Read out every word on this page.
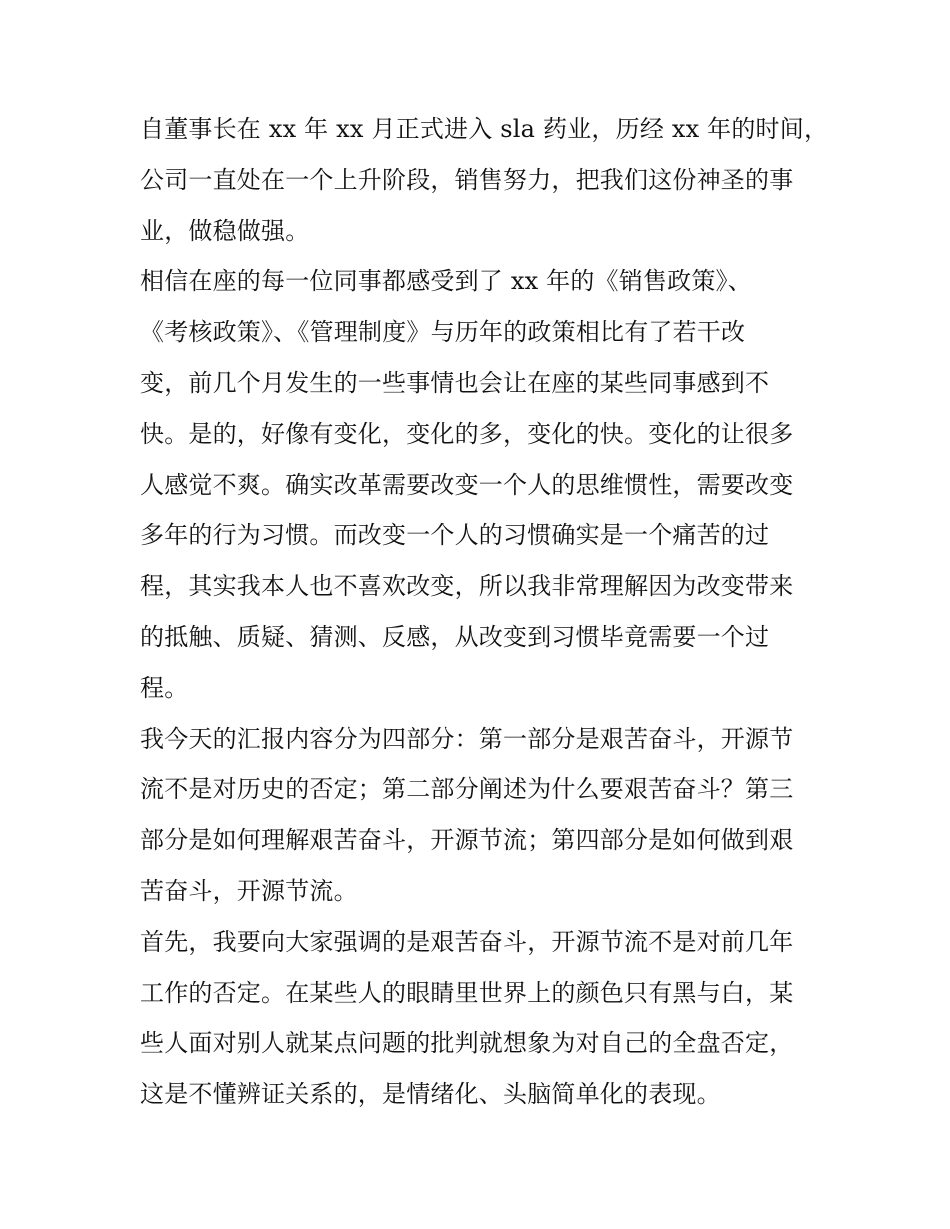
自董事长在 xx 年 xx 月正式进入 sla 药业，历经 xx 年的时间，
公司一直处在一个上升阶段，销售努力，把我们这份神圣的事
业，做稳做强。
相信在座的每一位同事都感受到了 xx 年的《销售政策》、
《考核政策》、《管理制度》与历年的政策相比有了若干改
变，前几个月发生的一些事情也会让在座的某些同事感到不
快。是的，好像有变化，变化的多，变化的快。变化的让很多
人感觉不爽。确实改革需要改变一个人的思维惯性，需要改变
多年的行为习惯。而改变一个人的习惯确实是一个痛苦的过
程，其实我本人也不喜欢改变，所以我非常理解因为改变带来
的抵触、质疑、猜测、反感，从改变到习惯毕竟需要一个过
程。
我今天的汇报内容分为四部分：第一部分是艰苦奋斗，开源节
流不是对历史的否定；第二部分阐述为什么要艰苦奋斗？第三
部分是如何理解艰苦奋斗，开源节流；第四部分是如何做到艰
苦奋斗，开源节流。
首先，我要向大家强调的是艰苦奋斗，开源节流不是对前几年
工作的否定。在某些人的眼睛里世界上的颜色只有黑与白，某
些人面对别人就某点问题的批判就想象为对自己的全盘否定，
这是不懂辨证关系的，是情绪化、头脑简单化的表现。
